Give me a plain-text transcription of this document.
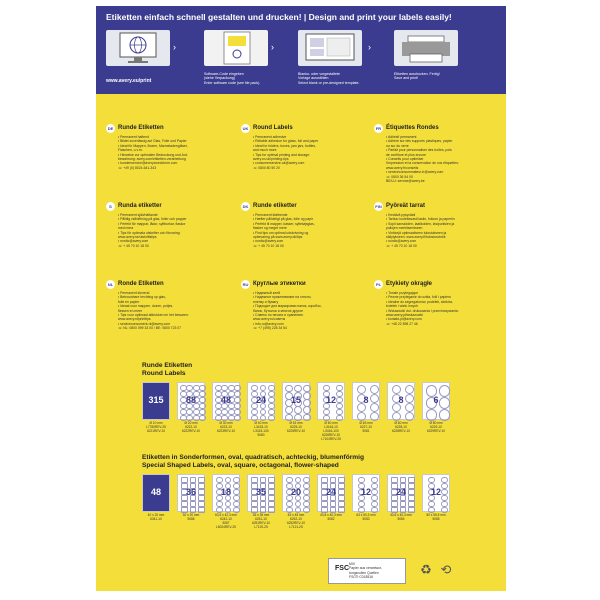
Etiketten einfach schnell gestalten und drucken! | Design and print your labels easily!
›	›	›
Software-Code eingeben
(siehe Verpackung)
Enter software code (see file pack).
Blanko- oder vorgestaltete
Vorlage auswählen.
Select blank or pre-designed template.
Etiketten ausdrucken. Fertig!
Save and print!
www.avery.eu/print
DE Runde Etiketten
• Permanent haftend
• Bildet zuverlässig auf Glas, Folie und Papier
• Ideal für Mappen, Boxen, Marmeladengläser,
Flaschen, u.v.m.
• Hinweise zur optimalen Bedruckung und Auf-
bewahrung: avery.com/etiketten-verarbeitung
• kundenservice@averyzweckform.com
☏ +49 (0) 8024-641-343
UK Round Labels
• Permanent adhesive
• Reliable adhesion for glass, foil and paper
• Ideal for folders, boxes, jam jars, bottles,
and much more
• Tips for optimal printing and storage:
avery.co.uk/printing-tips
• consumerservice-uk@avery.com
☏ 0800 80 50 20
FR Étiquettes Rondes
• Adhésif permanent
• Adhère sur des supports plastiques, papier
ou sur du verre
• Parfait pour personnaliser des boîtes, pots
de confiture et plus encore
• Conseils pour optimiser
l'impression et la conservation de vos étiquettes:
www.avery.fr/conseils
• serviceconsommateur-fr@avery.com
☏ 0800 36 54 00
BE/LU: service@avery.be
S	Runda etiketter
• Permanent självhäftande
• Pålitlig vidhäftning på glas, folier och papper
• Perfekt för mappar, lådor, syltburkar, flaskor
med mera
• Tips för optimala utskrifter och förvaring:
www.avery.se/utskriftstips
• nordic@avery.com
☏ + 45 70 10 18 00
DK Runde etiketter
• Permanent klæbende
• Hæfter pålideligt på glas, folie og papir
• Perfekt til mapper, kasser, syltetøjsglas,
flasker og meget mere
• Find tips om optimal udskrivning og
opbevaring på www.avery.dk/tips
• nordic@avery.com
☏ + 45 70 10 18 00
FIN Pyöreät tarrat
• Kestävä pysyvästi
• Tarttuu luotettavasti lasiin, folioon ja paperiin
• Sopii kansioiden, laatikoiden, lasipurkkien ja
pullojen merkitsemiseen
• Vinkkejä optimaaliseen tulostukseen ja
säilytykseen: www.avery.fi/tulostusvinkit
• nordic@avery.com
☏ + 45 70 10 18 00
NL Ronde Etiketten
• Permanent klevend
• Betrouwbare hechting op glas,
folie en papier
• Ideaal voor mappen, dozen, potjes,
flessen en meer
• Tips voor optimaal afdrukken en het bewaren:
www.avery.nl/printtips
• serviceconsument-nl@avery.com
☏ NL: 0800 099 33 00 / BE: 0800 723 07
RU Круглые этикетки
• Надежный клей
• Надежное приклеивание на стекло,
пленку и бумагу
• Подходит для маркировки папок, коробок,
банок, бутылок и многое другое
• Советы по печати и хранению:
www.avery.ru/советы
• info-ru@avery.com
☏ +7 (495) 228 34 54
PL Etykiety okrągłe
• Trwale przylegające
• Pewne przyleganie do szkła, folii i papieru
• Idealne do segregatorów, pudełek, słoików,
butelek i wielu innych
• Wskazówki dot. drukowania i przechowywania:
www.avery.pl/wskazowki
• kontakt-pl@avery.com
☏ +48 22 898 27 46
Runde Etiketten
Round Labels
315
Ø 10 mm
L7780REV-25
6221REV-10
88
Ø 20 mm
6222-10
6222REV-10
48
Ø 30 mm
6223-10
6223REV-10
24
Ø 40 mm
L3415-10
L3415-100
5080
15
Ø 51 mm
6225-10
6225REV-10
12
Ø 60 mm
L3416-10
L3416-100
6226REV-10
L7104REV-25
8
Ø 63 mm
6227-10
5081
8
Ø 60 mm
6228-10
6228REV-10
6
Ø 80 mm
6229-10
6229REV-10
Etiketten in Sonderformen, oval, quadratisch, achteckig, blumenförmig
Special Shaped Labels, oval, square, octagonal, flower-shaped
48
40 x 20 mm
6341-10
36
30 x 20 mm
5086
18
63,5 x 42,3 mm
6242-10
5087
L6024REV-25
35
35 x 35 mm
6251-10
6251REV-10
L7120-25
20
45 x 45 mm
6252-10
6252REV-10
L7121-25
24
40,8 x 40,3 mm
5082
12
63 x 60,3 mm
5083
24
40,8 x 40,3 mm
5084
12
50 x 55,5 mm
5085
FSC
MIX
Papier aus verantwor-
tungsvollen Quellen
FSC® C018516
♻ ⟲
